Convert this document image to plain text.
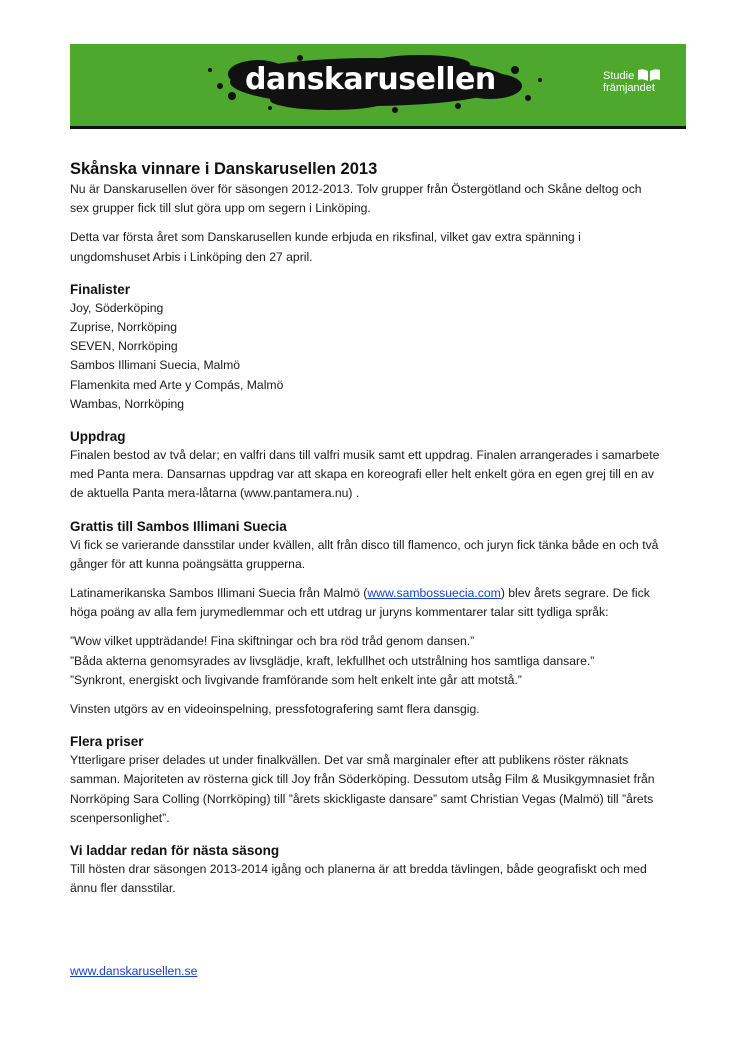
danskarusellen	Studie
främjandet
Skånska vinnare i Danskarusellen 2013

Nu är Danskarusellen över för säsongen 2012-2013. Tolv grupper från Östergötland och Skåne deltog och sex grupper fick till slut göra upp om segern i Linköping.

Detta var första året som Danskarusellen kunde erbjuda en riksfinal, vilket gav extra spänning i ungdomshuset Arbis i Linköping den 27 april.

Finalister
Joy, Söderköping
Zuprise, Norrköping
SEVEN, Norrköping
Sambos Illimani Suecia, Malmö
Flamenkita med Arte y Compás, Malmö
Wambas, Norrköping
Uppdrag

Finalen bestod av två delar; en valfri dans till valfri musik samt ett uppdrag. Finalen arrangerades i samarbete med Panta mera. Dansarnas uppdrag var att skapa en koreografi eller helt enkelt göra en egen grej till en av de aktuella Panta mera-låtarna (www.pantamera.nu) .

Grattis till Sambos Illimani Suecia

Vi fick se varierande dansstilar under kvällen, allt från disco till flamenco, och juryn fick tänka både en och två gånger för att kunna poängsätta grupperna.

Latinamerikanska Sambos Illimani Suecia från Malmö (www.sambossuecia.com) blev årets segrare. De fick höga poäng av alla fem jurymedlemmar och ett utdrag ur juryns kommentarer talar sitt tydliga språk:

”Wow vilket uppträdande! Fina skiftningar och bra röd tråd genom dansen.”
”Båda akterna genomsyrades av livsglädje, kraft, lekfullhet och utstrålning hos samtliga dansare.”
”Synkront, energiskt och livgivande framförande som helt enkelt inte går att motstå.”

Vinsten utgörs av en videoinspelning, pressfotografering samt flera dansgig.

Flera priser

Ytterligare priser delades ut under finalkvällen. Det var små marginaler efter att publikens röster räknats samman. Majoriteten av rösterna gick till Joy från Söderköping. Dessutom utsåg Film & Musikgymnasiet från Norrköping Sara Colling (Norrköping) till ”årets skickligaste dansare” samt Christian Vegas (Malmö) till ”årets scenpersonlighet”.

Vi laddar redan för nästa säsong

Till hösten drar säsongen 2013-2014 igång och planerna är att bredda tävlingen, både geografiskt och med ännu fler dansstilar.

www.danskarusellen.se
